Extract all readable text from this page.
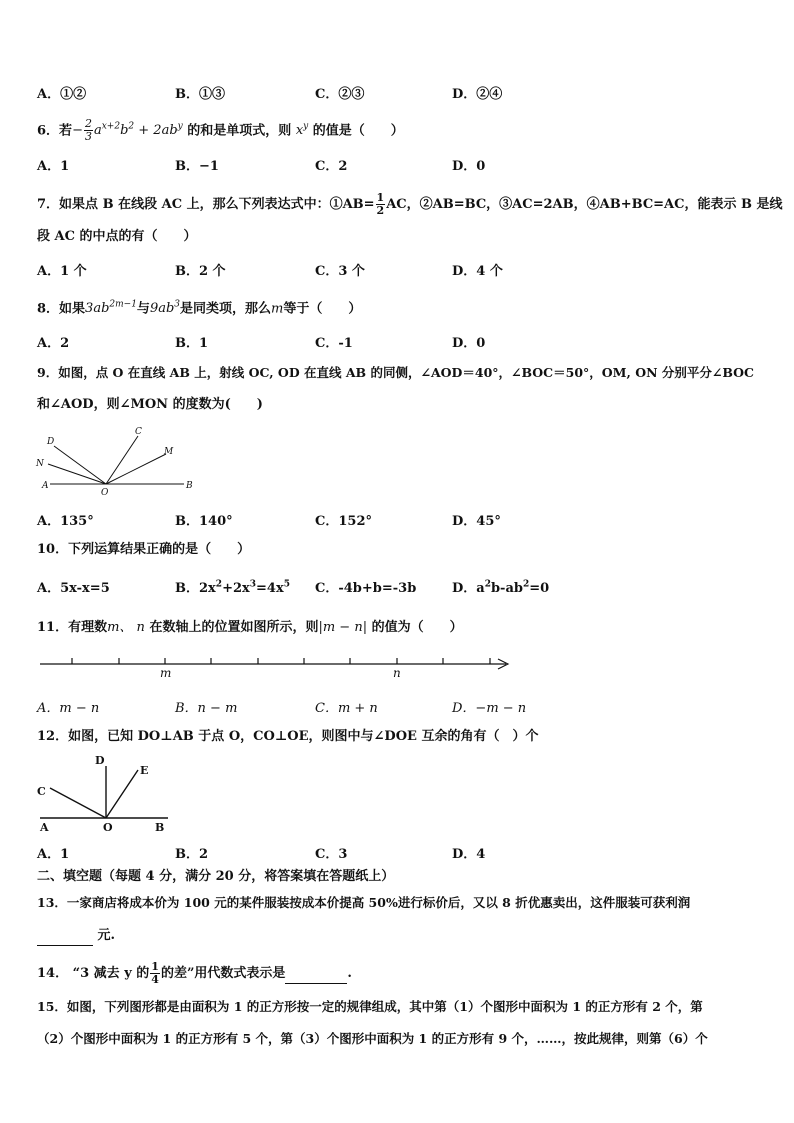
A．①②	B．①③	C．②③	D．②④
6．若− $\frac{2}{3} a^{x+2}b^2 + 2ab^y$ 的和是单项式，则 $x^y$ 的值是（　　）
A．1	B．−1	C．2	D．0
7．如果点 B 在线段 AC 上，那么下列表达式中：①AB= $\frac{1}{2}$ AC，②AB=BC，③AC=2AB，④AB+BC=AC，能表示 B 是线
段 AC 的中点的有（　　）
A．1 个	B．2 个	C．3 个	D．4 个
8．如果$3ab^{2m-1}$与$9ab^3$是同类项，那么m等于（　　）
A．2	B．1	C．-1	D．0
9．如图，点 O 在直线 AB 上，射线 OC, OD 在直线 AB 的同侧，∠AOD＝40°，∠BOC＝50°，OM, ON 分别平分∠BOC
和∠AOD，则∠MON 的度数为(　　)
D
C
N
M
A
O
B
A．135°	B．140°	C．152°	D．45°
10．下列运算结果正确的是（　　）
A．5x-x=5	B．$2x^2+2x^3=4x^5$ C．-4b+b=-3b	D．$a^2b-ab^2=0$
11．有理数m、 n 在数轴上的位置如图所示，则|m − n| 的值为（　　）
m	n
A．m − n	B．n − m	C．m + n	D．−m − n
12．如图，已知 DO⊥AB 于点 O，CO⊥OE，则图中与∠DOE 互余的角有（　）个
D
E
C
A	O	B
A．1	B．2	C．3	D．4
二、填空题（每题 4 分，满分 20 分，将答案填在答题纸上）
13．一家商店将成本价为 100 元的某件服装按成本价提高 50%进行标价后，又以 8 折优惠卖出，这件服装可获利润
元.
14． “3 减去 y 的 $\frac{1}{4}$ 的差”用代数式表示是	.
15．如图，下列图形都是由面积为 1 的正方形按一定的规律组成，其中第（1）个图形中面积为 1 的正方形有 2 个，第
（2）个图形中面积为 1 的正方形有 5 个，第（3）个图形中面积为 1 的正方形有 9 个，……，按此规律，则第（6）个
